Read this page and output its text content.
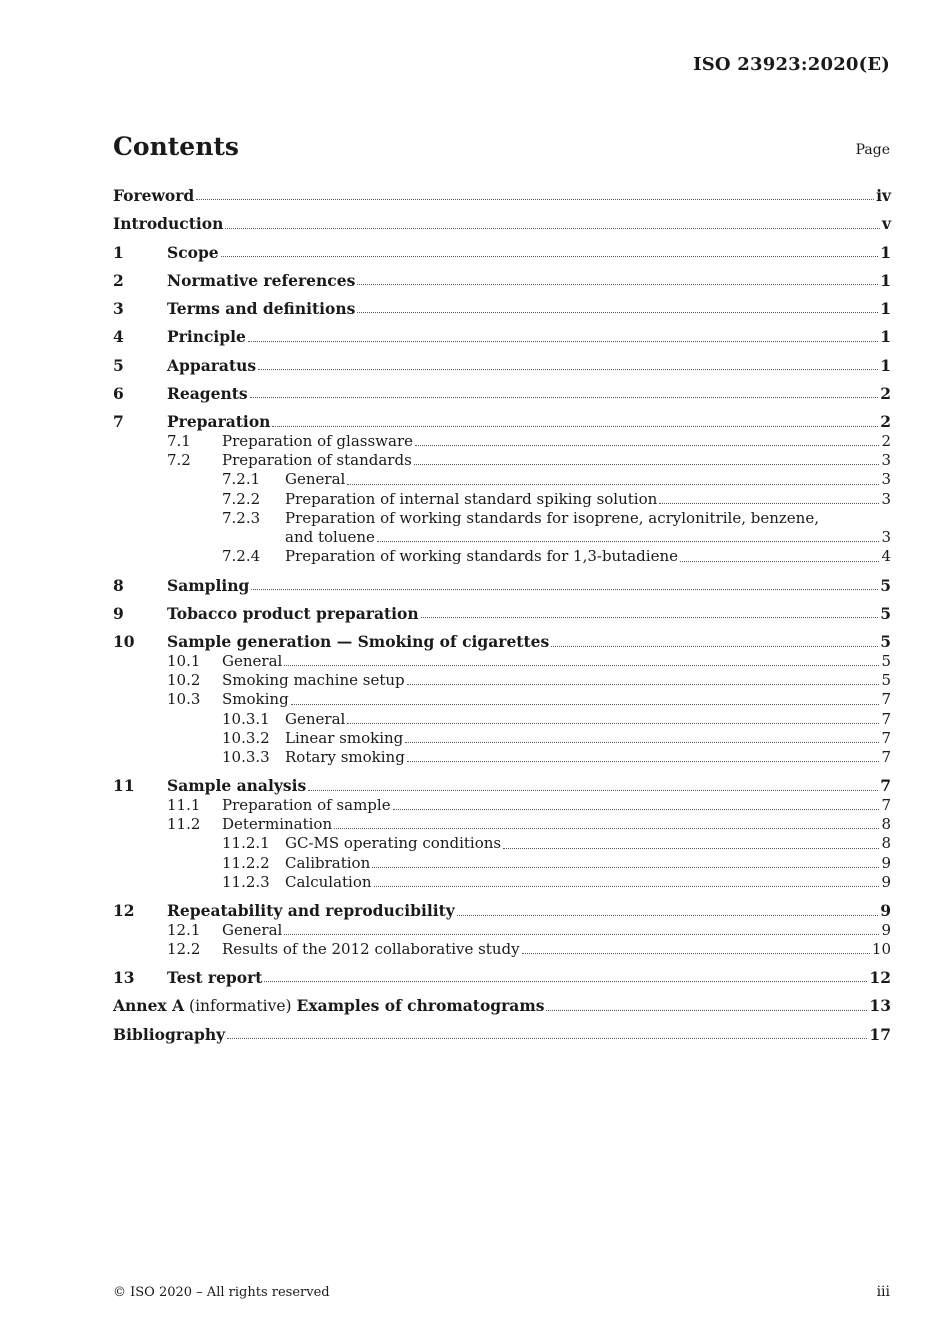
ISO 23923:2020(E)
Contents	Page
Foreword	iv
Introduction	v
1	Scope	1
2	Normative references	1
3	Terms and definitions	1
4	Principle	1
5	Apparatus	1
6	Reagents	2
7	Preparation	2
7.1	Preparation of glassware	2
7.2	Preparation of standards	3
7.2.1	General	3
7.2.2	Preparation of internal standard spiking solution	3
7.2.3	Preparation of working standards for isoprene, acrylonitrile, benzene,
and toluene	3
7.2.4	Preparation of working standards for 1,3-butadiene	4
8	Sampling	5
9	Tobacco product preparation	5
10	Sample generation — Smoking of cigarettes	5
10.1	General	5
10.2	Smoking machine setup	5
10.3	Smoking	7
10.3.1	General	7
10.3.2	Linear smoking	7
10.3.3	Rotary smoking	7
11	Sample analysis	7
11.1	Preparation of sample	7
11.2	Determination	8
11.2.1	GC-MS operating conditions	8
11.2.2	Calibration	9
11.2.3	Calculation	9
12	Repeatability and reproducibility	9
12.1	General	9
12.2	Results of the 2012 collaborative study	10
13	Test report	12
Annex A (informative) Examples of chromatograms	13
Bibliography	17
© ISO 2020 – All rights reserved	iii
